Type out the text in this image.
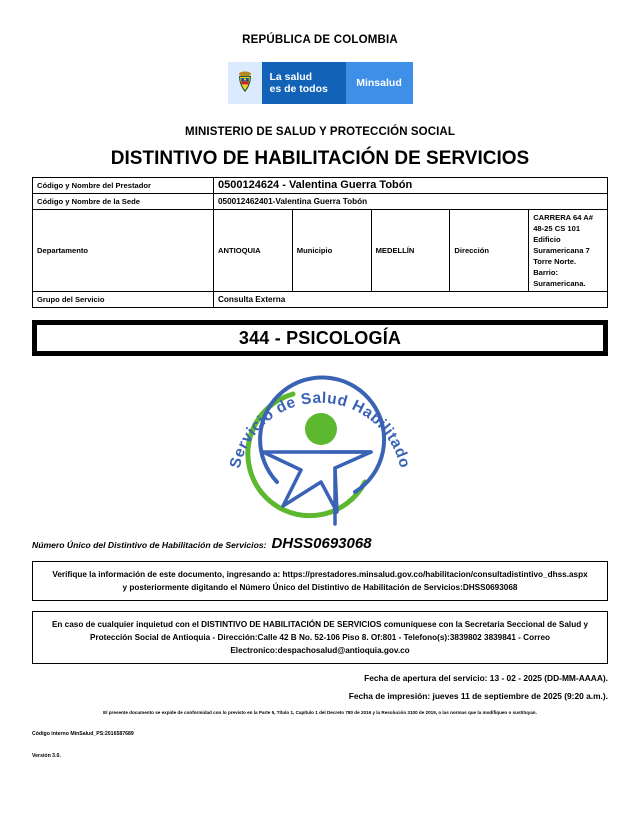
REPÚBLICA DE COLOMBIA
La salud
es de todos	Minsalud
MINISTERIO DE SALUD Y PROTECCIÓN SOCIAL
DISTINTIVO DE HABILITACIÓN DE SERVICIOS
Código y Nombre del Prestador	0500124624 - Valentina Guerra Tobón				
Código y Nombre de la Sede	050012462401-Valentina Guerra Tobón				
Departamento	ANTIOQUIA	Municipio	MEDELLÍN	Dirección	CARRERA 64 A# 48-25 CS 101 Edificio Suramericana 7 Torre Norte. Barrio: Suramericana.
Grupo del Servicio	Consulta Externa				
344 - PSICOLOGÍA
Servicio de Salud Habilitado
Número Único del Distintivo de Habilitación de Servicios: DHSS0693068
Verifique la información de este documento, ingresando a: https://prestadores.minsalud.gov.co/habilitacion/consultadistintivo_dhss.aspx
y posteriormente digitando el Número Único del Distintivo de Habilitación de Servicios:DHSS0693068
En caso de cualquier inquietud con el DISTINTIVO DE HABILITACIÓN DE SERVICIOS comuníquese con la Secretaria Seccional de Salud y
Protección Social de Antioquia - Dirección:Calle 42 B No. 52-106 Piso 8. Of:801 - Telefono(s):3839802 3839841 - Correo
Electronico:despachosalud@antioquia.gov.co
Fecha de apertura del servicio: 13 - 02 - 2025 (DD-MM-AAAA).
Fecha de impresión: jueves 11 de septiembre de 2025 (9:20 a.m.).
El presente documento se expide de conformidad con lo previsto en la Parte 5, Título 1, Capítulo 1 del Decreto 780 de 2016 y la Resolución 3100 de 2019, o las normas que la modifiquen o sustituyan.
Código interno MinSalud_PS:2016587689
Versión 3.0.
